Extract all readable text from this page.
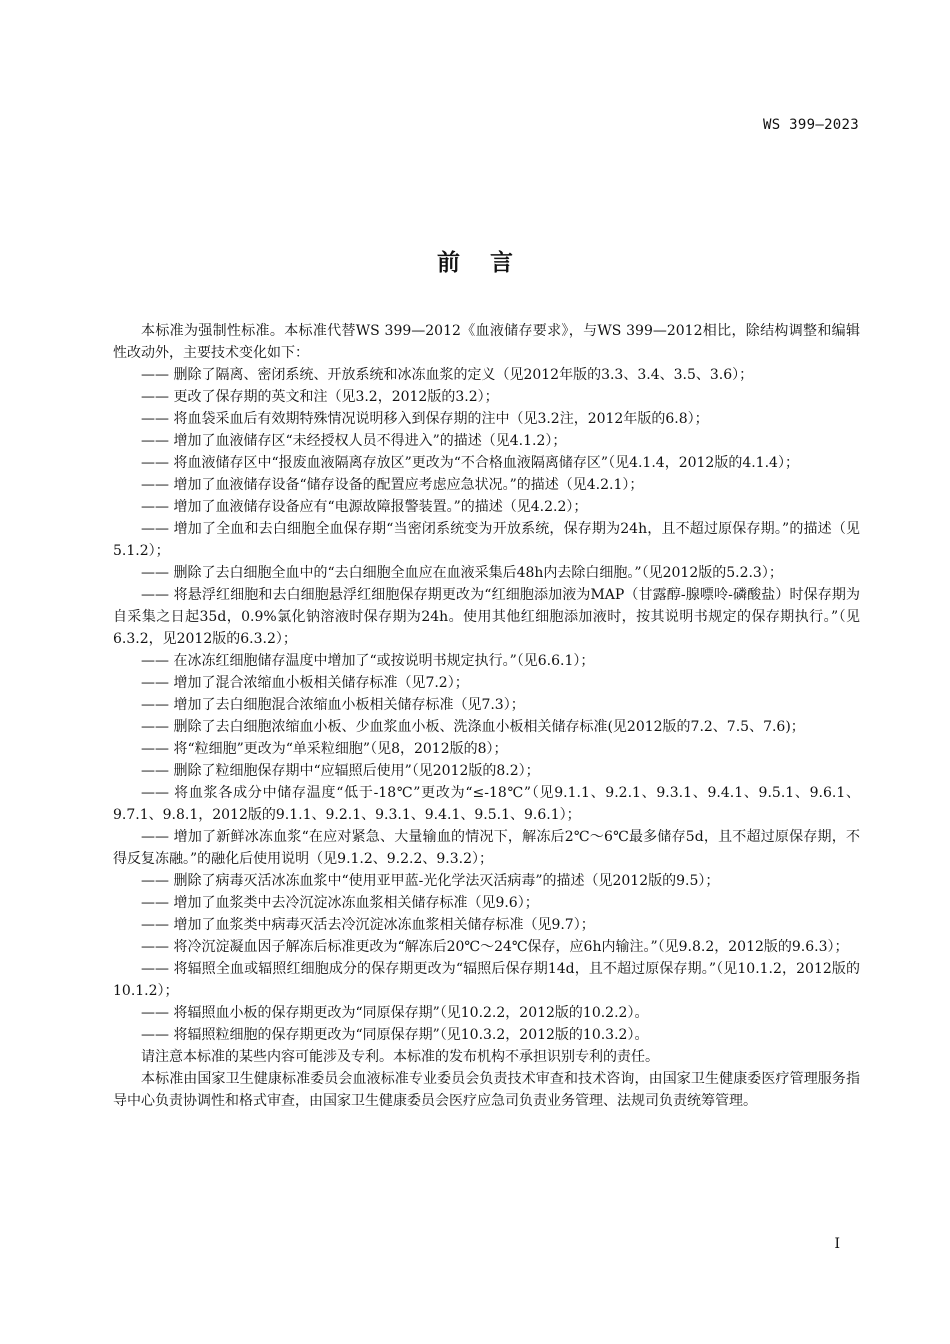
WS 399—2023
前言

本标准为强制性标准。本标准代替WS 399—2012《血液储存要求》，与WS 399—2012相比，除结构调整和编辑性改动外，主要技术变化如下：

—— 删除了隔离、密闭系统、开放系统和冰冻血浆的定义（见2012年版的3.3、3.4、3.5、3.6）；

—— 更改了保存期的英文和注（见3.2，2012版的3.2）；

—— 将血袋采血后有效期特殊情况说明移入到保存期的注中（见3.2注，2012年版的6.8）；

—— 增加了血液储存区“未经授权人员不得进入”的描述（见4.1.2）；

—— 将血液储存区中“报废血液隔离存放区”更改为“不合格血液隔离储存区”（见4.1.4，2012版的4.1.4）；

—— 增加了血液储存设备“储存设备的配置应考虑应急状况。”的描述（见4.2.1）；

—— 增加了血液储存设备应有“电源故障报警装置。”的描述（见4.2.2）；

—— 增加了全血和去白细胞全血保存期“当密闭系统变为开放系统，保存期为24h，且不超过原保存期。”的描述（见5.1.2）；

—— 删除了去白细胞全血中的“去白细胞全血应在血液采集后48h内去除白细胞。”（见2012版的5.2.3）；

—— 将悬浮红细胞和去白细胞悬浮红细胞保存期更改为“红细胞添加液为MAP（甘露醇-腺嘌呤-磷酸盐）时保存期为自采集之日起35d，0.9%氯化钠溶液时保存期为24h。使用其他红细胞添加液时，按其说明书规定的保存期执行。”（见6.3.2，见2012版的6.3.2）；

—— 在冰冻红细胞储存温度中增加了“或按说明书规定执行。”（见6.6.1）；

—— 增加了混合浓缩血小板相关储存标准（见7.2）；

—— 增加了去白细胞混合浓缩血小板相关储存标准（见7.3）；

—— 删除了去白细胞浓缩血小板、少血浆血小板、洗涤血小板相关储存标准(见2012版的7.2、7.5、7.6)；

—— 将“粒细胞”更改为“单采粒细胞”（见8，2012版的8）；

—— 删除了粒细胞保存期中“应辐照后使用”（见2012版的8.2）；

—— 将血浆各成分中储存温度“低于-18℃”更改为“≤-18℃”（见9.1.1、9.2.1、9.3.1、9.4.1、9.5.1、9.6.1、9.7.1、9.8.1，2012版的9.1.1、9.2.1、9.3.1、9.4.1、9.5.1、9.6.1）；

—— 增加了新鲜冰冻血浆“在应对紧急、大量输血的情况下，解冻后2℃～6℃最多储存5d，且不超过原保存期，不得反复冻融。”的融化后使用说明（见9.1.2、9.2.2、9.3.2）；

—— 删除了病毒灭活冰冻血浆中“使用亚甲蓝-光化学法灭活病毒”的描述（见2012版的9.5）；

—— 增加了血浆类中去冷沉淀冰冻血浆相关储存标准（见9.6）；

—— 增加了血浆类中病毒灭活去冷沉淀冰冻血浆相关储存标准（见9.7）；

—— 将冷沉淀凝血因子解冻后标准更改为“解冻后20℃～24℃保存，应6h内输注。”（见9.8.2，2012版的9.6.3）；

—— 将辐照全血或辐照红细胞成分的保存期更改为“辐照后保存期14d，且不超过原保存期。”（见10.1.2，2012版的10.1.2）；

—— 将辐照血小板的保存期更改为“同原保存期”（见10.2.2，2012版的10.2.2）。

—— 将辐照粒细胞的保存期更改为“同原保存期”（见10.3.2，2012版的10.3.2）。

请注意本标准的某些内容可能涉及专利。本标准的发布机构不承担识别专利的责任。

本标准由国家卫生健康标准委员会血液标准专业委员会负责技术审查和技术咨询，由国家卫生健康委医疗管理服务指导中心负责协调性和格式审查，由国家卫生健康委员会医疗应急司负责业务管理、法规司负责统筹管理。

I
